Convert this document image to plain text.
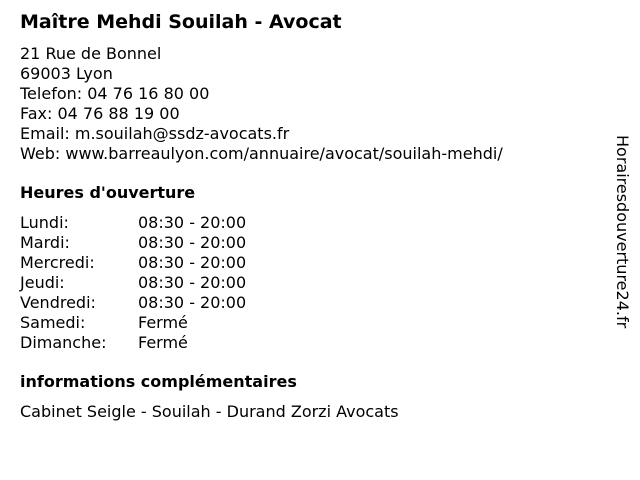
Maître Mehdi Souilah - Avocat
21 Rue de Bonnel
69003 Lyon
Telefon: 04 76 16 80 00
Fax: 04 76 88 19 00
Email: m.souilah@ssdz-avocats.fr
Web: www.barreaulyon.com/annuaire/avocat/souilah-mehdi/
Heures d'ouverture
Lundi:	08:30 - 20:00
Mardi:	08:30 - 20:00
Mercredi:	08:30 - 20:00
Jeudi:	08:30 - 20:00
Vendredi:	08:30 - 20:00
Samedi:	Fermé
Dimanche:	Fermé
informations complémentaires
Cabinet Seigle - Souilah - Durand Zorzi Avocats
Horairesdouverture24.fr
